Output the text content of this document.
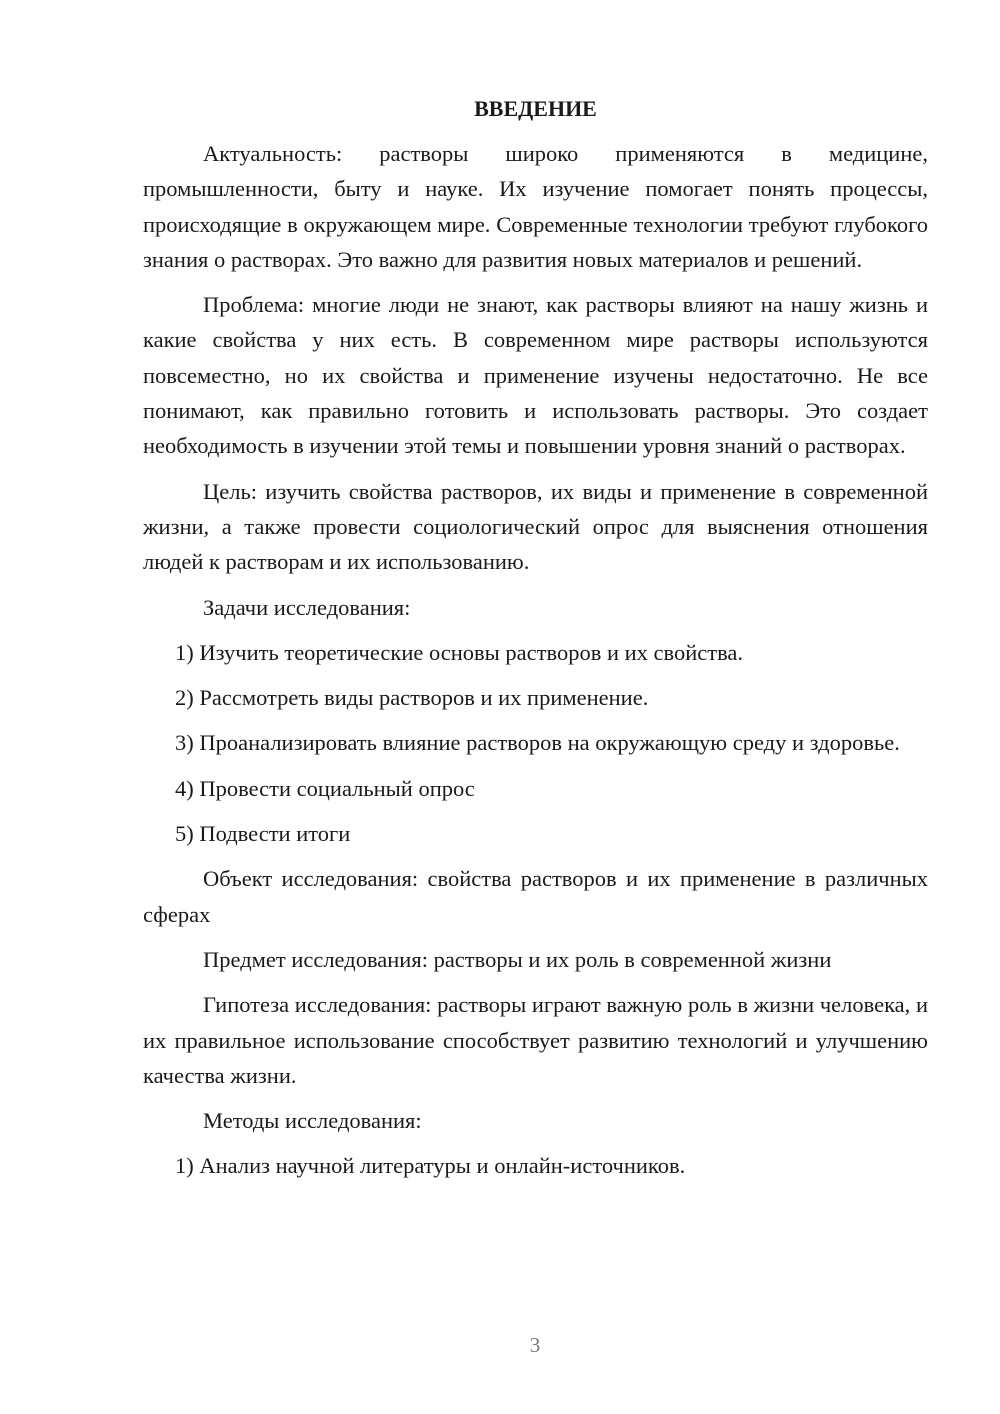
ВВЕДЕНИЕ
Актуальность: растворы широко применяются в медицине, промышленности, быту и науке. Их изучение помогает понять процессы, происходящие в окружающем мире. Современные технологии требуют глубокого знания о растворах. Это важно для развития новых материалов и решений.
Проблема: многие люди не знают, как растворы влияют на нашу жизнь и какие свойства у них есть. В современном мире растворы используются повсеместно, но их свойства и применение изучены недостаточно. Не все понимают, как правильно готовить и использовать растворы. Это создает необходимость в изучении этой темы и повышении уровня знаний о растворах.
Цель: изучить свойства растворов, их виды и применение в современной жизни, а также провести социологический опрос для выяснения отношения людей к растворам и их использованию.
Задачи исследования:
1) Изучить теоретические основы растворов и их свойства.
2) Рассмотреть виды растворов и их применение.
3) Проанализировать влияние растворов на окружающую среду и здоровье.
4) Провести социальный опрос
5) Подвести итоги
Объект исследования: свойства растворов и их применение в различных сферах
Предмет исследования: растворы и их роль в современной жизни
Гипотеза исследования: растворы играют важную роль в жизни человека, и их правильное использование способствует развитию технологий и улучшению качества жизни.
Методы исследования:
1) Анализ научной литературы и онлайн-источников.
3
